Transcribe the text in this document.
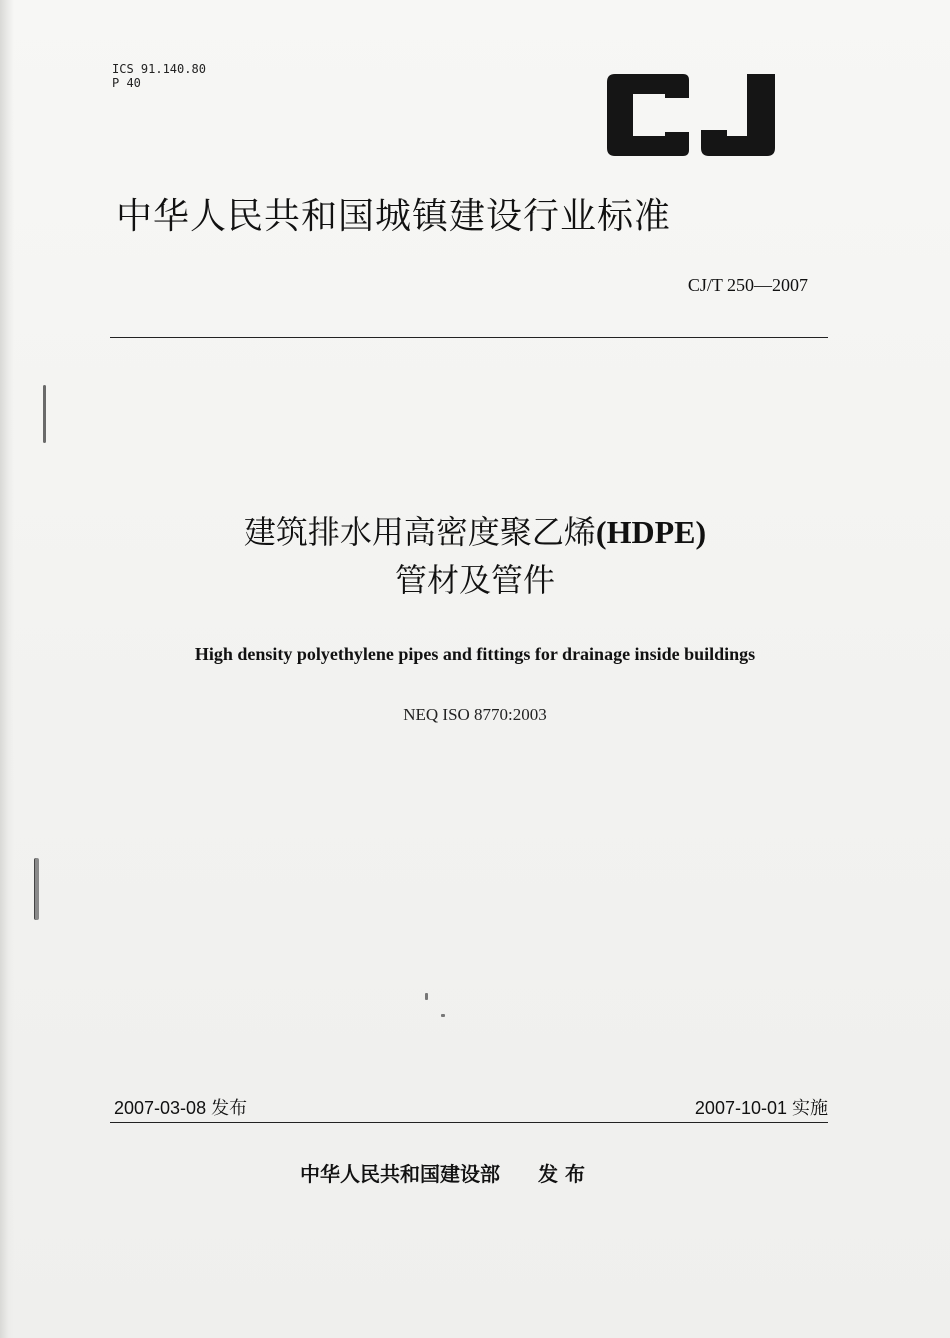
ICS 91.140.80
P 40
中华人民共和国城镇建设行业标准
CJ/T 250—2007
建筑排水用高密度聚乙烯(HDPE)
管材及管件
High density polyethylene pipes and fittings for drainage inside buildings
NEQ ISO 8770:2003
2007-03-08 发布	2007-10-01 实施
中华人民共和国建设部 发 布
